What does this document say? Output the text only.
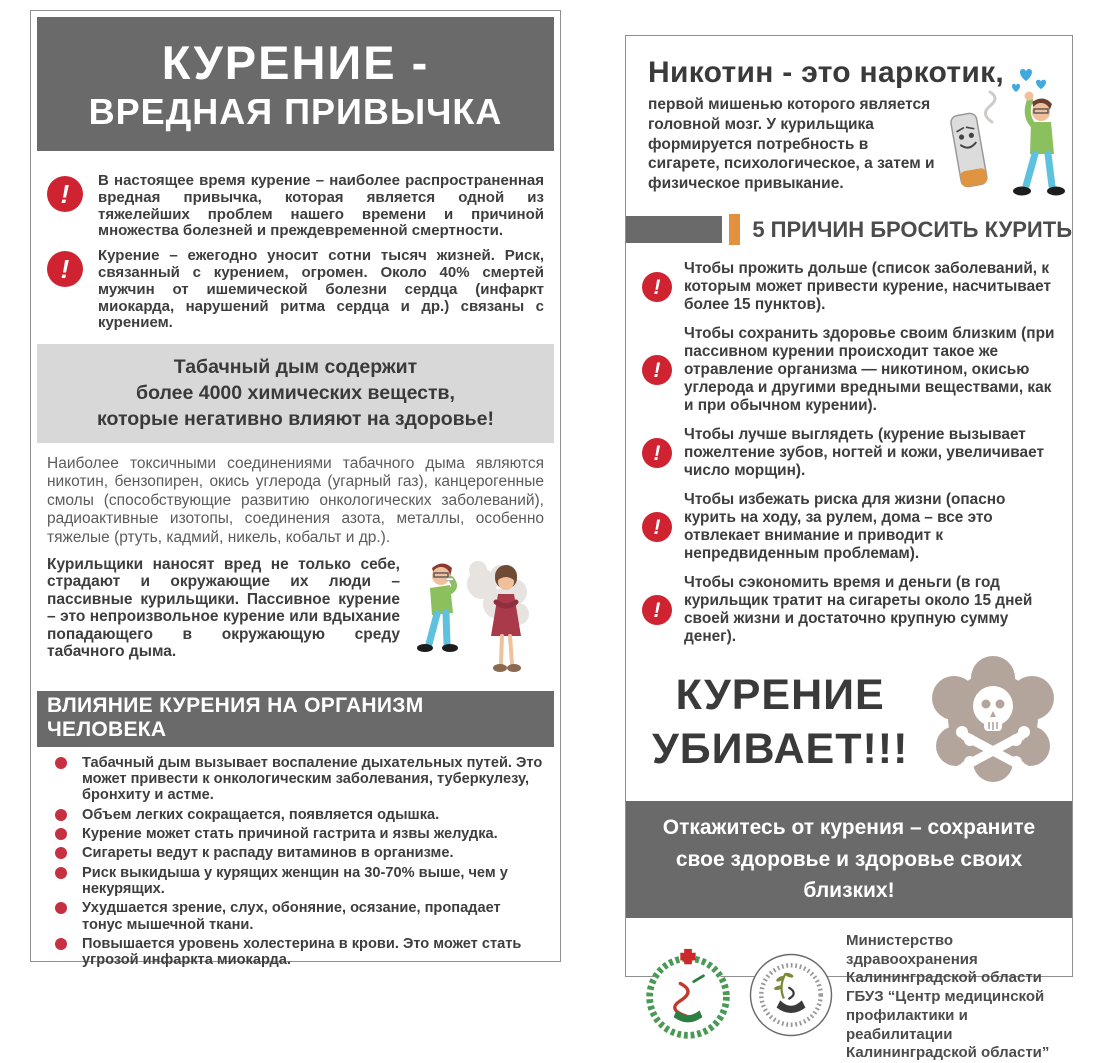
КУРЕНИЕ -
ВРЕДНАЯ ПРИВЫЧКА
!	В настоящее время курение – наиболее распространенная вредная привычка, которая является одной из тяжелейших проблем нашего времени и причиной множества болезней и преждевременной смертности.

!	Курение – ежегодно уносит сотни тысяч жизней. Риск, связанный с курением, огромен. Около 40% смертей мужчин от ишемической болезни сердца (инфаркт миокарда, нарушений ритма сердца и др.) связаны с курением.

Табачный дым содержит
более 4000 химических веществ,
которые негативно влияют на здоровье!

Наиболее токсичными соединениями табачного дыма являются никотин, бензопирен, окись углерода (угарный газ), канцерогенные смолы (способствующие развитию онкологических заболеваний), радиоактивные изотопы, соединения азота, металлы, особенно тяжелые (ртуть, кадмий, никель, кобальт и др.).

Курильщики наносят вред не только себе, страдают и окружающие их люди – пассивные курильщики. Пассивное курение – это непроизвольное курение или вдыхание попадающего в окружающую среду табачного дыма.

ВЛИЯНИЕ КУРЕНИЯ НА ОРГАНИЗМ ЧЕЛОВЕКА
Табачный дым вызывает воспаление дыхательных путей. Это может привести к онкологическим заболевания, туберкулезу, бронхиту и астме.
Объем легких сокращается, появляется одышка.
Курение может стать причиной гастрита и язвы желудка.
Сигареты ведут к распаду витаминов в организме.
Риск выкидыша у курящих женщин на 30-70% выше, чем у некурящих.
Ухудшается зрение, слух, обоняние, осязание, пропадает тонус мышечной ткани.
Повышается уровень холестерина в крови. Это может стать угрозой инфаркта миокарда.
Никотин - это наркотик,

первой мишенью которого является головной мозг. У курильщика формируется потребность в сигарете, психологическое, а затем и физическое привыкание.

5 ПРИЧИН БРОСИТЬ КУРИТЬ
!

Чтобы прожить дольше (список заболеваний, к которым может привести курение, насчитывает более 15 пунктов).

!

Чтобы сохранить здоровье своим близким (при пассивном курении происходит такое же отравление организма — никотином, окисью углерода и другими вредными веществами, как и при обычном курении).

!

Чтобы лучше выглядеть (курение вызывает пожелтение зубов, ногтей и кожи, увеличивает число морщин).

!

Чтобы избежать риска для жизни (опасно курить на ходу, за рулем, дома – все это отвлекает внимание и приводит к непредвиденным проблемам).

!

Чтобы сэкономить время и деньги (в год курильщик тратит на сигареты около 15 дней своей жизни и достаточно крупную сумму денег).

КУРЕНИЕ
УБИВАЕТ!!!
Откажитесь от курения – сохраните
свое здоровье и здоровье своих близких!
Министерство
здравоохранения
Калининградской области
ГБУЗ “Центр медицинской
профилактики и реабилитации
Калининградской области”
